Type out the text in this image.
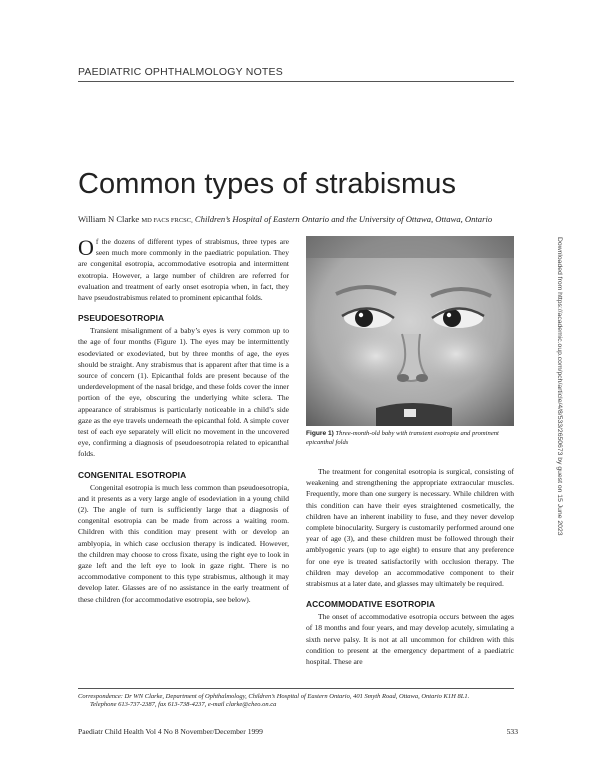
PAEDIATRIC OPHTHALMOLOGY NOTES
Common types of strabismus
William N Clarke MD FACS FRCSC, Children’s Hospital of Eastern Ontario and the University of Ottawa, Ottawa, Ontario

Of the dozens of different types of strabismus, three types are seen much more commonly in the paediatric population. They are congenital esotropia, accommodative esotropia and intermittent exotropia. However, a large number of children are referred for evaluation and treatment of early onset esotropia when, in fact, they have pseudostrabismus related to prominent epicanthal folds.

PSEUDOESOTROPIA

Transient misalignment of a baby’s eyes is very common up to the age of four months (Figure 1). The eyes may be intermittently esodeviated or exodeviated, but by three months of age, the eyes should be straight. Any strabismus that is apparent after that time is a source of concern (1). Epicanthal folds are present because of the underdevelopment of the nasal bridge, and these folds cover the inner portion of the eye, obscuring the underlying white sclera. The appearance of strabismus is particularly noticeable in a child’s side gaze as the eye travels underneath the epicanthal fold. A simple cover test of each eye separately will elicit no movement in the uncovered eye, confirming a diagnosis of pseudoesotropia related to epicanthal folds.

CONGENITAL ESOTROPIA

Congenital esotropia is much less common than pseudoesotropia, and it presents as a very large angle of esodeviation in a young child (2). The angle of turn is sufficiently large that a diagnosis of congenital esotropia can be made from across a waiting room. Children with this condition may present with or develop an amblyopia, in which case occlusion therapy is indicated. However, the children may choose to cross fixate, using the right eye to look in gaze left and the left eye to look in gaze right. There is no accommodative component to this type strabismus, although it may develop later. Glasses are of no assistance in the early treatment of these children (for accommodative esotropia, see below).

Figure 1) Three-month-old baby with transient esotropia and prominent epicanthal folds

The treatment for congenital esotropia is surgical, consisting of weakening and strengthening the appropriate extraocular muscles. Frequently, more than one surgery is necessary. While children with this condition can have their eyes straightened cosmetically, the children have an inherent inability to fuse, and they never develop complete binocularity. Surgery is customarily performed around one year of age (3), and these children must be followed through their amblyogenic years (up to age eight) to ensure that any preference for one eye is treated satisfactorily with occlusion therapy. The children may develop an accommodative component to their strabismus at a later date, and glasses may ultimately be required.

ACCOMMODATIVE ESOTROPIA

The onset of accommodative esotropia occurs between the ages of 18 months and four years, and may develop acutely, simulating a sixth nerve palsy. It is not at all uncommon for children with this condition to present at the emergency department of a paediatric hospital. These are

Downloaded from https://academic.oup.com/pch/article/4/8/533/2650673 by guest on 15 June 2023
Correspondence: Dr WN Clarke, Department of Ophthalmology, Children’s Hospital of Eastern Ontario, 401 Smyth Road, Ottawa, Ontario K1H 8L1.
Telephone 613-737-2387, fax 613-738-4237, e-mail clarke@cheo.on.ca
Paediatr Child Health Vol 4 No 8 November/December 1999	533
